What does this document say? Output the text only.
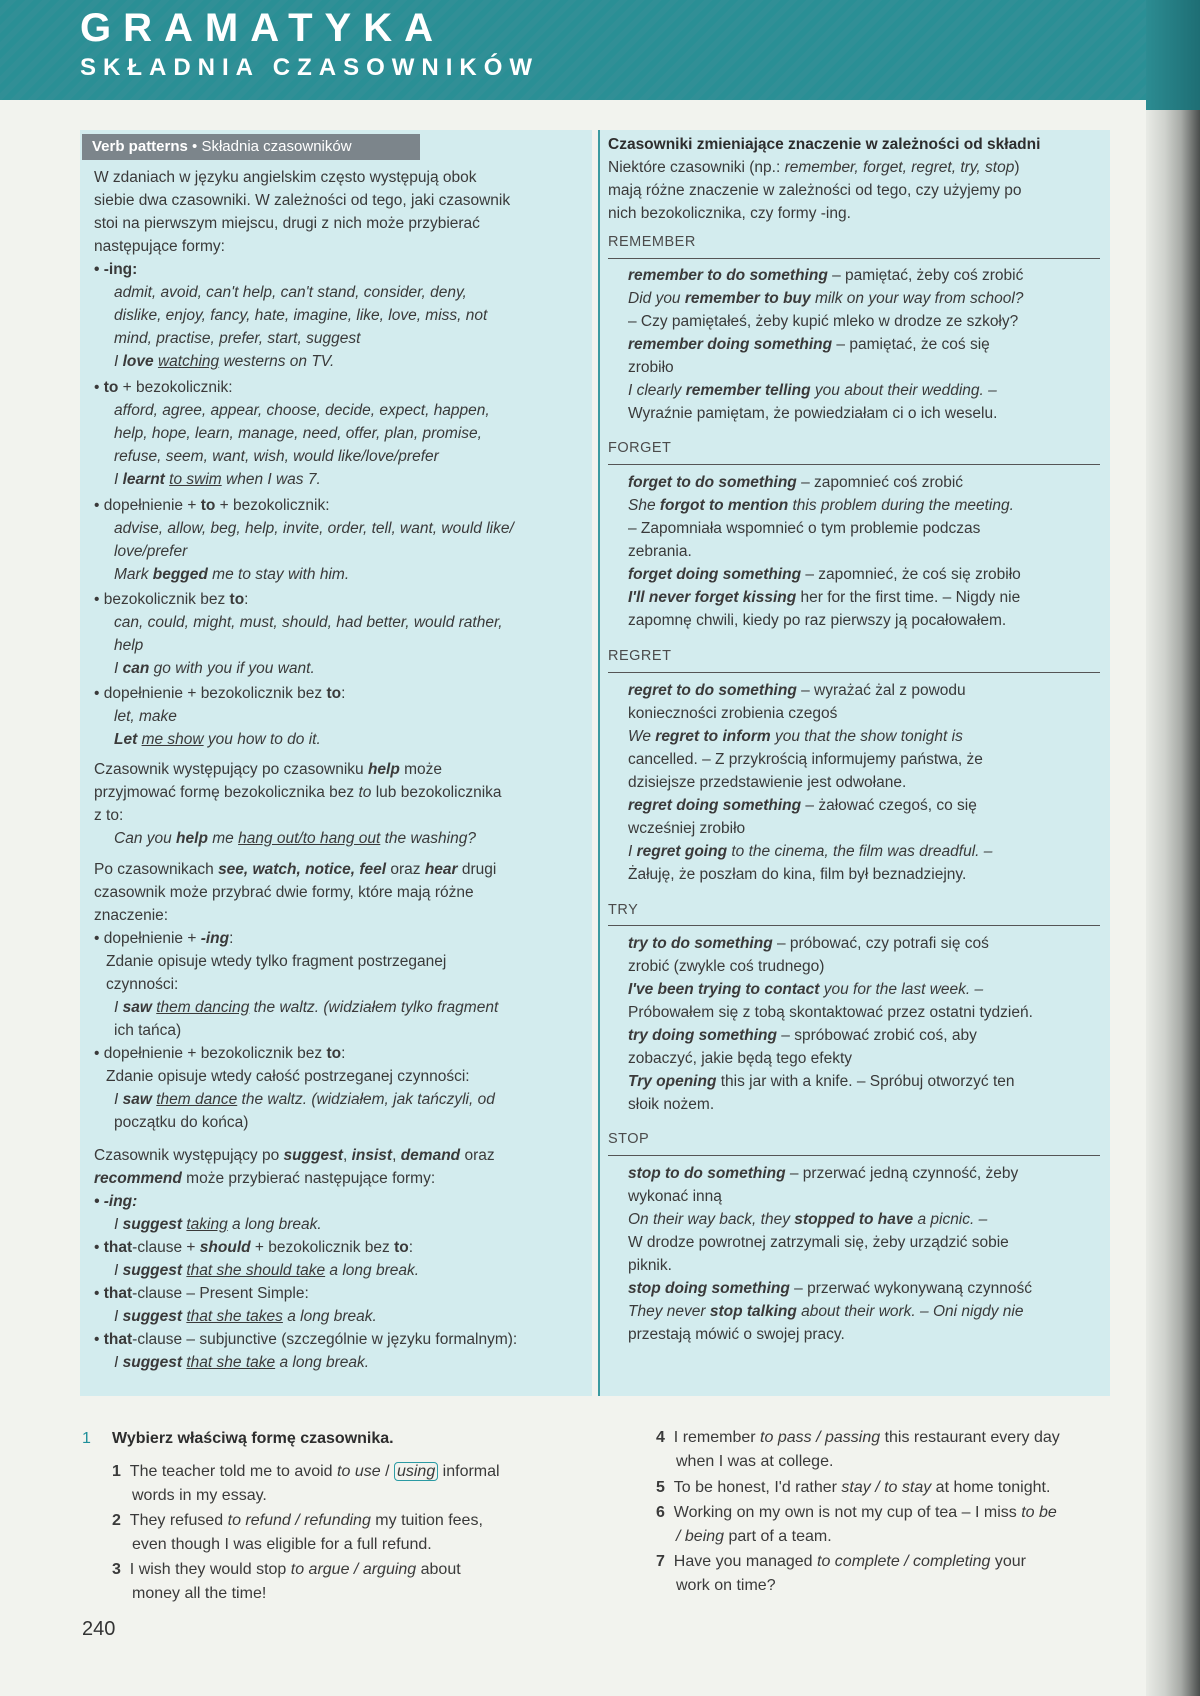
GRAMATYKA
SKŁADNIA CZASOWNIKÓW
Verb patterns • Składnia czasowników
W zdaniach w języku angielskim często występują obok
siebie dwa czasowniki. W zależności od tego, jaki czasownik
stoi na pierwszym miejscu, drugi z nich może przybierać
następujące formy:
• -ing:
admit, avoid, can't help, can't stand, consider, deny,
dislike, enjoy, fancy, hate, imagine, like, love, miss, not
mind, practise, prefer, start, suggest
I love watching westerns on TV.
• to + bezokolicznik:
afford, agree, appear, choose, decide, expect, happen,
help, hope, learn, manage, need, offer, plan, promise,
refuse, seem, want, wish, would like/love/prefer
I learnt to swim when I was 7.
• dopełnienie + to + bezokolicznik:
advise, allow, beg, help, invite, order, tell, want, would like/
love/prefer
Mark begged me to stay with him.
• bezokolicznik bez to:
can, could, might, must, should, had better, would rather,
help
I can go with you if you want.
• dopełnienie + bezokolicznik bez to:
let, make
Let me show you how to do it.
Czasownik występujący po czasowniku help może
przyjmować formę bezokolicznika bez to lub bezokolicznika
z to:
Can you help me hang out/to hang out the washing?
Po czasownikach see, watch, notice, feel oraz hear drugi
czasownik może przybrać dwie formy, które mają różne
znaczenie:
• dopełnienie + -ing:
Zdanie opisuje wtedy tylko fragment postrzeganej
czynności:
I saw them dancing the waltz. (widziałem tylko fragment
ich tańca)
• dopełnienie + bezokolicznik bez to:
Zdanie opisuje wtedy całość postrzeganej czynności:
I saw them dance the waltz. (widziałem, jak tańczyli, od
początku do końca)
Czasownik występujący po suggest, insist, demand oraz
recommend może przybierać następujące formy:
• -ing:
I suggest taking a long break.
• that-clause + should + bezokolicznik bez to:
I suggest that she should take a long break.
• that-clause – Present Simple:
I suggest that she takes a long break.
• that-clause – subjunctive (szczególnie w języku formalnym):
I suggest that she take a long break.
Czasowniki zmieniające znaczenie w zależności od składni
Niektóre czasowniki (np.: remember, forget, regret, try, stop)
mają różne znaczenie w zależności od tego, czy użyjemy po
nich bezokolicznika, czy formy -ing.
REMEMBER
remember to do something – pamiętać, żeby coś zrobić
Did you remember to buy milk on your way from school?
– Czy pamiętałeś, żeby kupić mleko w drodze ze szkoły?
remember doing something – pamiętać, że coś się
zrobiło
I clearly remember telling you about their wedding. –
Wyraźnie pamiętam, że powiedziałam ci o ich weselu.
FORGET
forget to do something – zapomnieć coś zrobić
She forgot to mention this problem during the meeting.
– Zapomniała wspomnieć o tym problemie podczas
zebrania.
forget doing something – zapomnieć, że coś się zrobiło
I'll never forget kissing her for the first time. – Nigdy nie
zapomnę chwili, kiedy po raz pierwszy ją pocałowałem.
REGRET
regret to do something – wyrażać żal z powodu
konieczności zrobienia czegoś
We regret to inform you that the show tonight is
cancelled. – Z przykrością informujemy państwa, że
dzisiejsze przedstawienie jest odwołane.
regret doing something – żałować czegoś, co się
wcześniej zrobiło
I regret going to the cinema, the film was dreadful. –
Żałuję, że poszłam do kina, film był beznadziejny.
TRY
try to do something – próbować, czy potrafi się coś
zrobić (zwykle coś trudnego)
I've been trying to contact you for the last week. –
Próbowałem się z tobą skontaktować przez ostatni tydzień.
try doing something – spróbować zrobić coś, aby
zobaczyć, jakie będą tego efekty
Try opening this jar with a knife. – Spróbuj otworzyć ten
słoik nożem.
STOP
stop to do something – przerwać jedną czynność, żeby
wykonać inną
On their way back, they stopped to have a picnic. –
W drodze powrotnej zatrzymali się, żeby urządzić sobie
piknik.
stop doing something – przerwać wykonywaną czynność
They never stop talking about their work. – Oni nigdy nie
przestają mówić o swojej pracy.
1 Wybierz właściwą formę czasownika.
1 The teacher told me to avoid to use / using informal
words in my essay.
2 They refused to refund / refunding my tuition fees,
even though I was eligible for a full refund.
3 I wish they would stop to argue / arguing about
money all the time!
4 I remember to pass / passing this restaurant every day
when I was at college.
5 To be honest, I'd rather stay / to stay at home tonight.
6 Working on my own is not my cup of tea – I miss to be
/ being part of a team.
7 Have you managed to complete / completing your
work on time?
240
